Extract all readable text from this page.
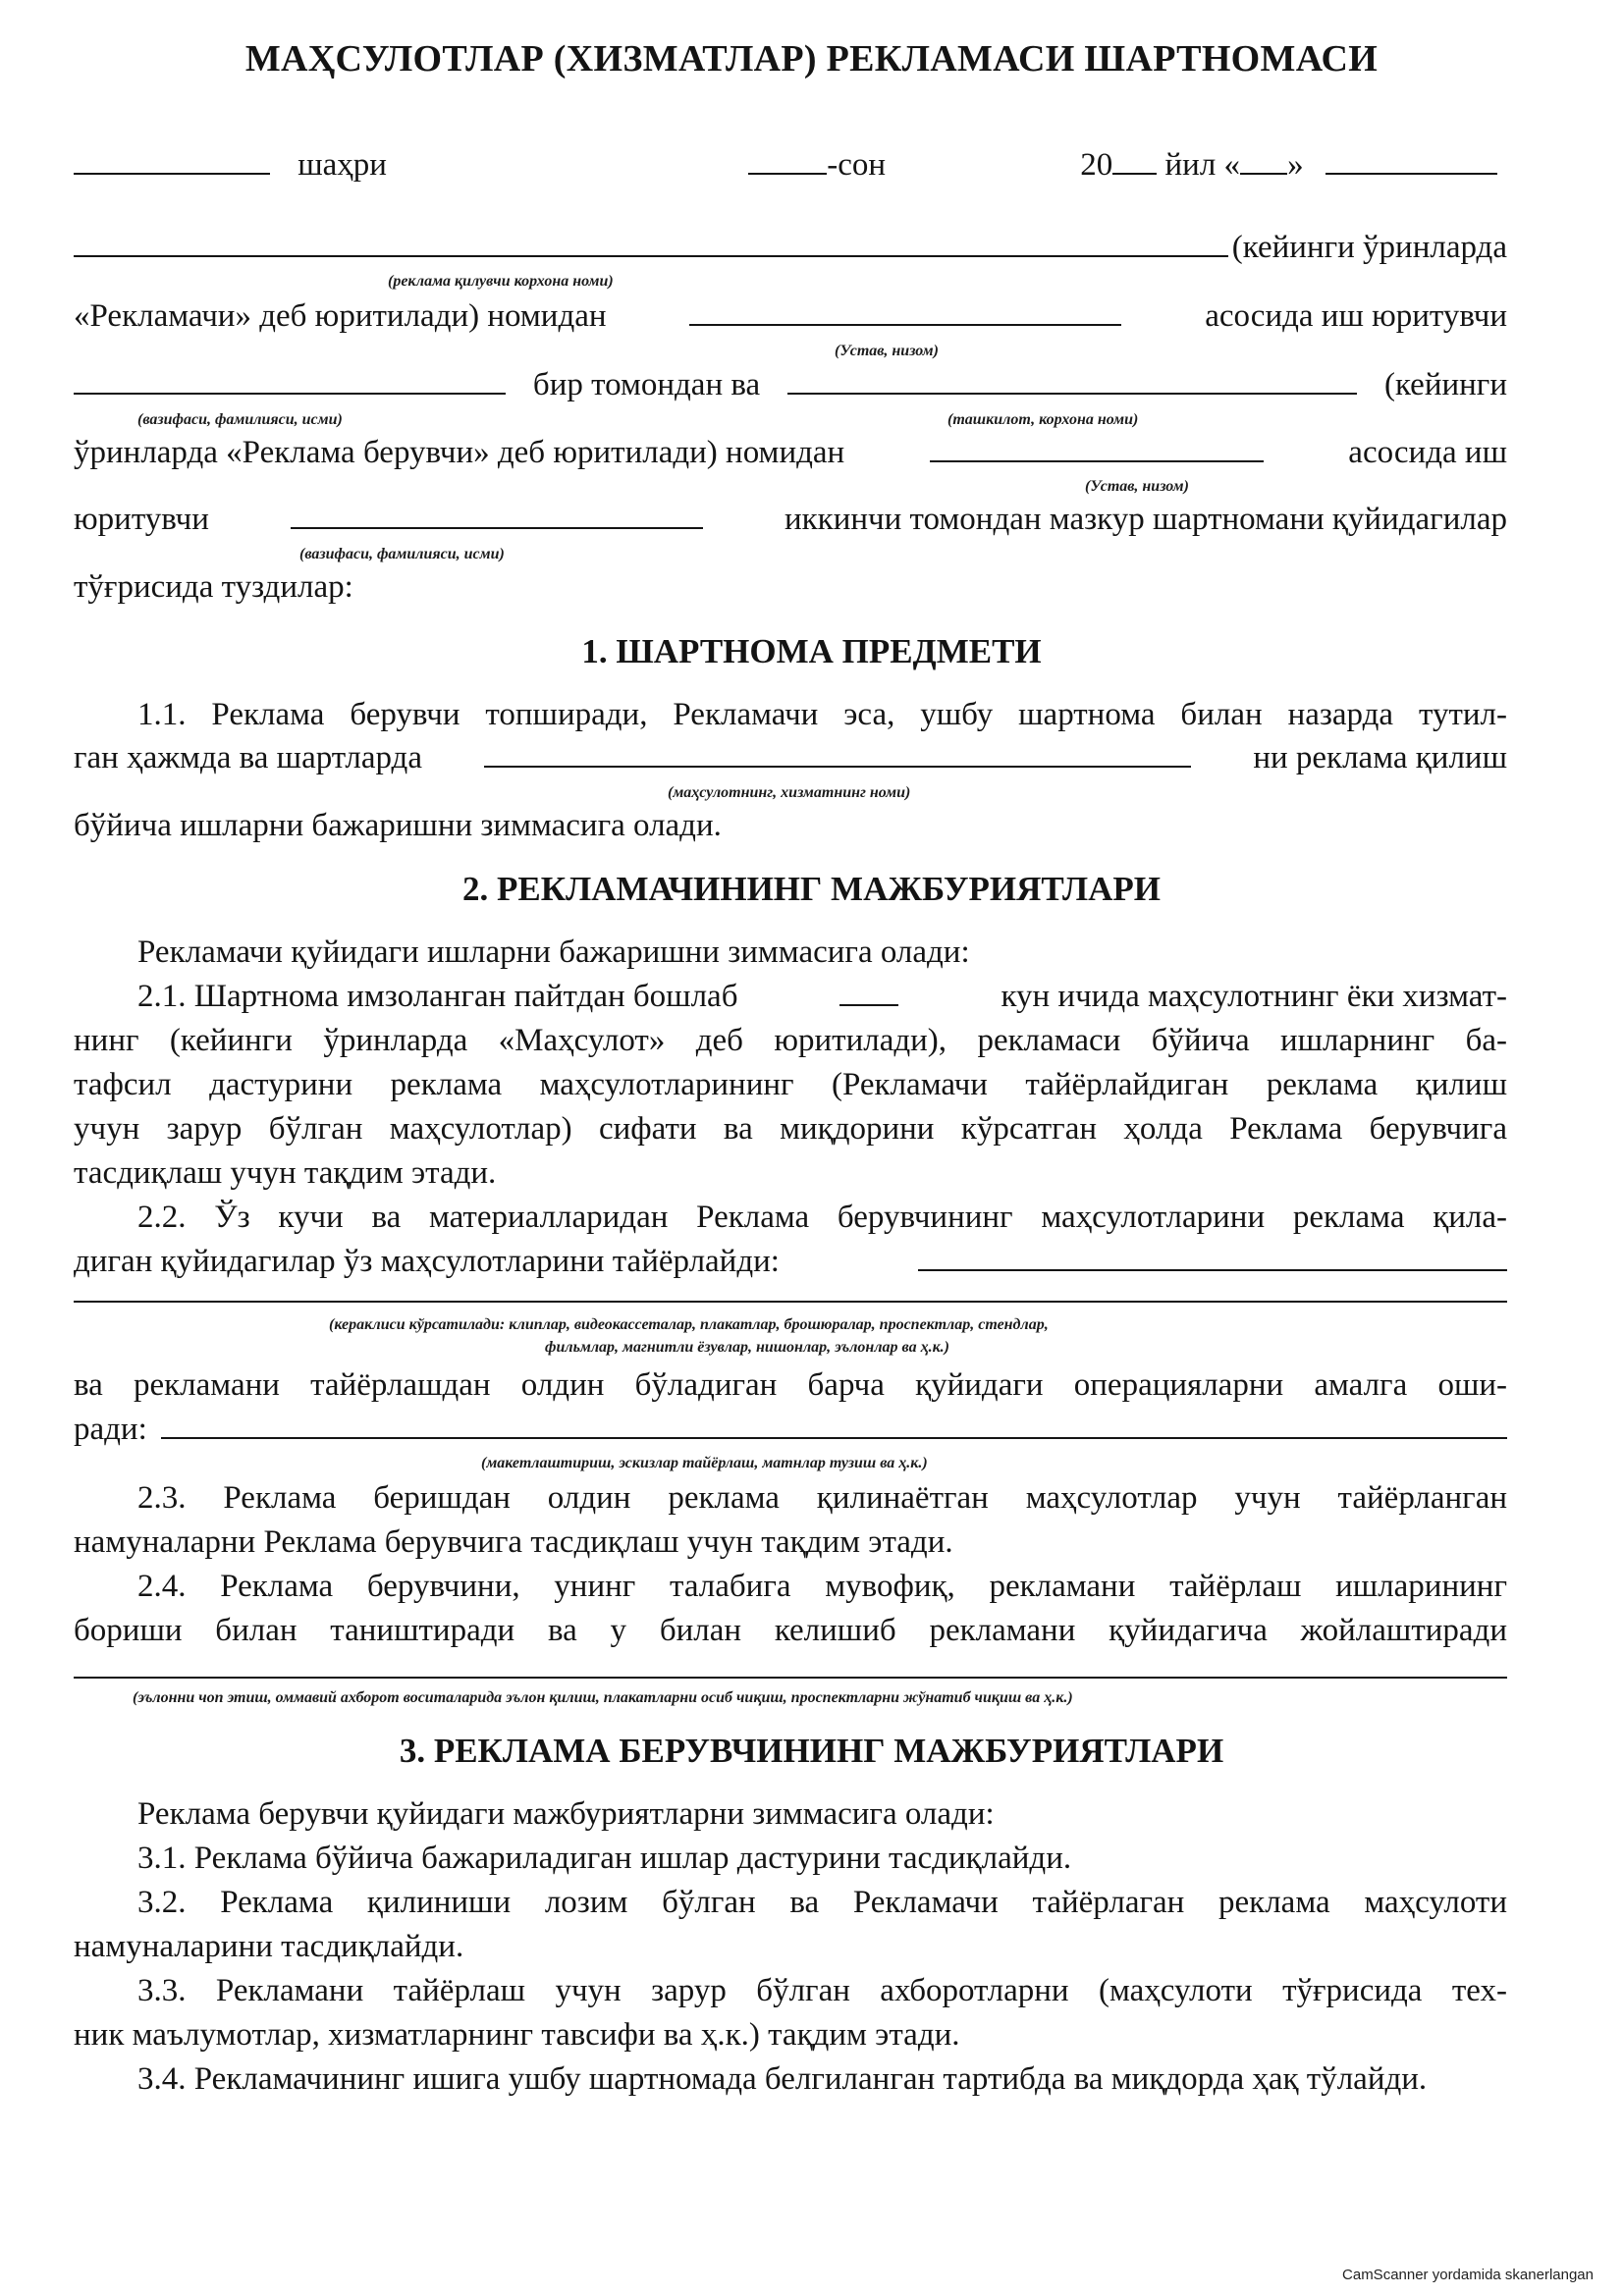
МАҲСУЛОТЛАР (ХИЗМАТЛАР) РЕКЛАМАСИ ШАРТНОМАСИ
шаҳри	-сон	20 йил « »
(кейинги ўринларда
(реклама қилувчи корхона номи)
«Рекламачи» деб юритилади) номидан	асосида иш юритувчи
(Устав, низом)
бир томондан ва	(кейинги
(вазифаси, фамилияси, исми)	(ташкилот, корхона номи)
ўринларда «Реклама берувчи» деб юритилади) номидан	асосида иш
(Устав, низом)
юритувчи	иккинчи томондан мазкур шартномани қуйидагилар
(вазифаси, фамилияси, исми)
тўғрисида туздилар:
1. ШАРТНОМА ПРЕДМЕТИ
1.1. Реклама берувчи топширади, Рекламачи эса, ушбу шартнома билан назарда тутил-
ган ҳажмда ва шартларда	ни реклама қилиш
(маҳсулотнинг, хизматнинг номи)
бўйича ишларни бажаришни зиммасига олади.
2. РЕКЛАМАЧИНИНГ МАЖБУРИЯТЛАРИ
Рекламачи қуйидаги ишларни бажаришни зиммасига олади:
2.1. Шартнома имзоланган пайтдан бошлаб	кун ичида маҳсулотнинг ёки хизмат-
нинг (кейинги ўринларда «Маҳсулот» деб юритилади), рекламаси бўйича ишларнинг ба-
тафсил дастурини реклама маҳсулотларининг (Рекламачи тайёрлайдиган реклама қилиш
учун зарур бўлган маҳсулотлар) сифати ва миқдорини кўрсатган ҳолда Реклама берувчига
тасдиқлаш учун тақдим этади.
2.2. Ўз кучи ва материалларидан Реклама берувчининг маҳсулотларини реклама қила-
диган қуйидагилар ўз маҳсулотларини тайёрлайди:
(кераклиси кўрсатилади: клиплар, видеокассеталар, плакатлар, брошюралар, проспектлар, стендлар,
фильмлар, магнитли ёзувлар, нишонлар, эълонлар ва ҳ.к.)
ва рекламани тайёрлашдан олдин бўладиган барча қуйидаги операцияларни амалга оши-
ради:
(макетлаштириш, эскизлар тайёрлаш, матнлар тузиш ва ҳ.к.)
2.3. Реклама беришдан олдин реклама қилинаётган маҳсулотлар учун тайёрланган
намуналарни Реклама берувчига тасдиқлаш учун тақдим этади.
2.4. Реклама берувчини, унинг талабига мувофиқ, рекламани тайёрлаш ишларининг
бориши билан таништиради ва у билан келишиб рекламани қуйидагича жойлаштиради
(эълонни чоп этиш, оммавий ахборот воситаларида эълон қилиш, плакатларни осиб чиқиш, проспектларни жўнатиб чиқиш ва ҳ.к.)
3. РЕКЛАМА БЕРУВЧИНИНГ МАЖБУРИЯТЛАРИ
Реклама берувчи қуйидаги мажбуриятларни зиммасига олади:
3.1. Реклама бўйича бажариладиган ишлар дастурини тасдиқлайди.
3.2. Реклама қилиниши лозим бўлган ва Рекламачи тайёрлаган реклама маҳсулоти
намуналарини тасдиқлайди.
3.3. Рекламани тайёрлаш учун зарур бўлган ахборотларни (маҳсулоти тўғрисида тех-
ник маълумотлар, хизматларнинг тавсифи ва ҳ.к.) тақдим этади.
3.4. Рекламачининг ишига ушбу шартномада белгиланган тартибда ва миқдорда ҳақ тўлайди.
CamScanner yordamida skanerlangan
